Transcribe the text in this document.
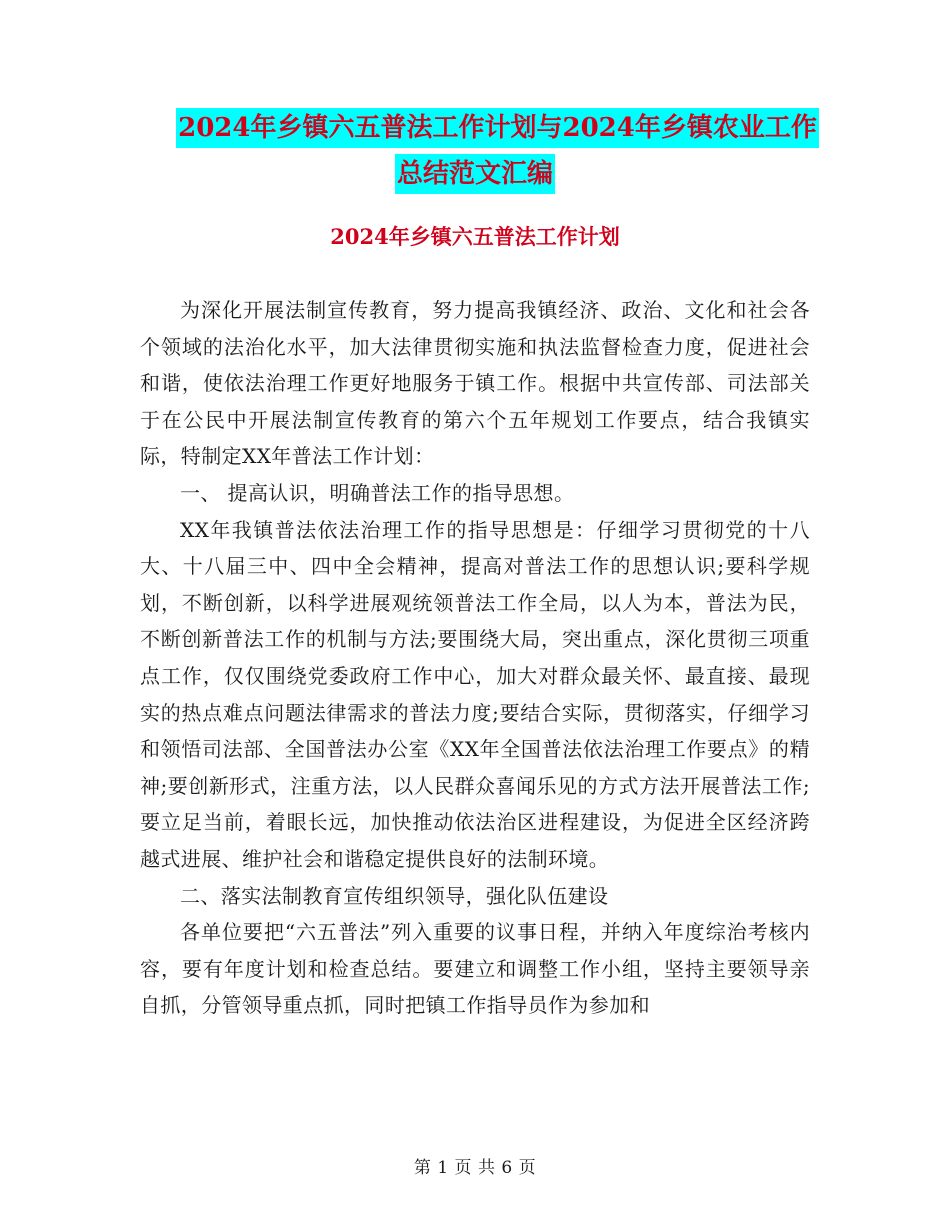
2024年乡镇六五普法工作计划与2024年乡镇农业工作
总结范文汇编
2024年乡镇六五普法工作计划

为深化开展法制宣传教育，努力提高我镇经济、政治、文化和社会各个领域的法治化水平，加大法律贯彻实施和执法监督检查力度，促进社会和谐，使依法治理工作更好地服务于镇工作。根据中共宣传部、司法部关于在公民中开展法制宣传教育的第六个五年规划工作要点，结合我镇实际，特制定XX年普法工作计划：

一、 提高认识，明确普法工作的指导思想。

XX年我镇普法依法治理工作的指导思想是：仔细学习贯彻党的十八大、十八届三中、四中全会精神，提高对普法工作的思想认识;要科学规划，不断创新，以科学进展观统领普法工作全局，以人为本，普法为民，不断创新普法工作的机制与方法;要围绕大局，突出重点，深化贯彻三项重点工作，仅仅围绕党委政府工作中心，加大对群众最关怀、最直接、最现实的热点难点问题法律需求的普法力度;要结合实际，贯彻落实，仔细学习和领悟司法部、全国普法办公室《XX年全国普法依法治理工作要点》的精神;要创新形式，注重方法，以人民群众喜闻乐见的方式方法开展普法工作;要立足当前，着眼长远，加快推动依法治区进程建设，为促进全区经济跨越式进展、维护社会和谐稳定提供良好的法制环境。

二、落实法制教育宣传组织领导，强化队伍建设

各单位要把“六五普法”列入重要的议事日程，并纳入年度综治考核内容，要有年度计划和检查总结。要建立和调整工作小组，坚持主要领导亲自抓，分管领导重点抓，同时把镇工作指导员作为参加和

第 1 页 共 6 页
